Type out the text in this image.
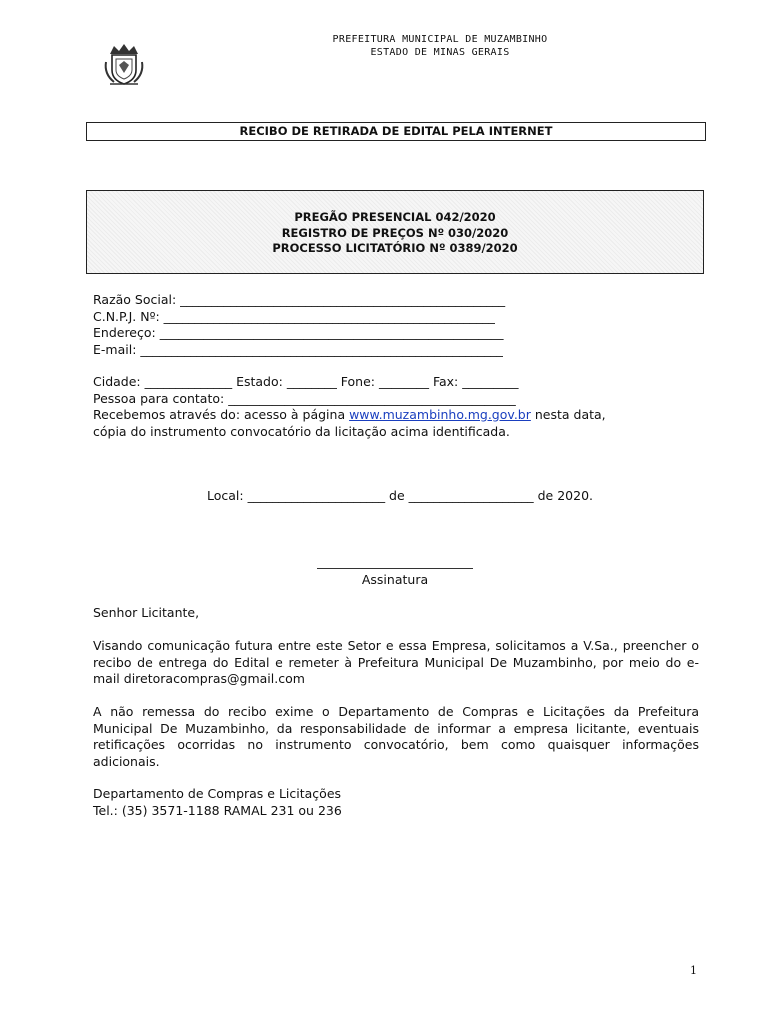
PREFEITURA MUNICIPAL DE MUZAMBINHO
ESTADO DE MINAS GERAIS
RECIBO DE RETIRADA DE EDITAL PELA INTERNET
PREGÃO PRESENCIAL 042/2020
REGISTRO DE PREÇOS Nº 030/2020
PROCESSO LICITATÓRIO Nº 0389/2020
Razão Social: ____________________________________________________
C.N.P.J. Nº: _____________________________________________________
Endereço: _______________________________________________________
E-mail: __________________________________________________________
Cidade: ______________ Estado: ________ Fone: ________ Fax: _________
Pessoa para contato: ______________________________________________
Recebemos através do: acesso à página www.muzambinho.mg.gov.br nesta data,
cópia do instrumento convocatório da licitação acima identificada.
Local: ______________________ de ____________________ de 2020.
Assinatura
Senhor Licitante,
Visando comunicação futura entre este Setor e essa Empresa, solicitamos a V.Sa., preencher o recibo de entrega do Edital e remeter à Prefeitura Municipal De Muzambinho, por meio do e-mail diretoracompras@gmail.com
A não remessa do recibo exime o Departamento de Compras e Licitações da Prefeitura Municipal De Muzambinho, da responsabilidade de informar a empresa licitante, eventuais retificações ocorridas no instrumento convocatório, bem como quaisquer informações adicionais.
Departamento de Compras e Licitações
Tel.: (35) 3571-1188 RAMAL 231 ou 236
1
